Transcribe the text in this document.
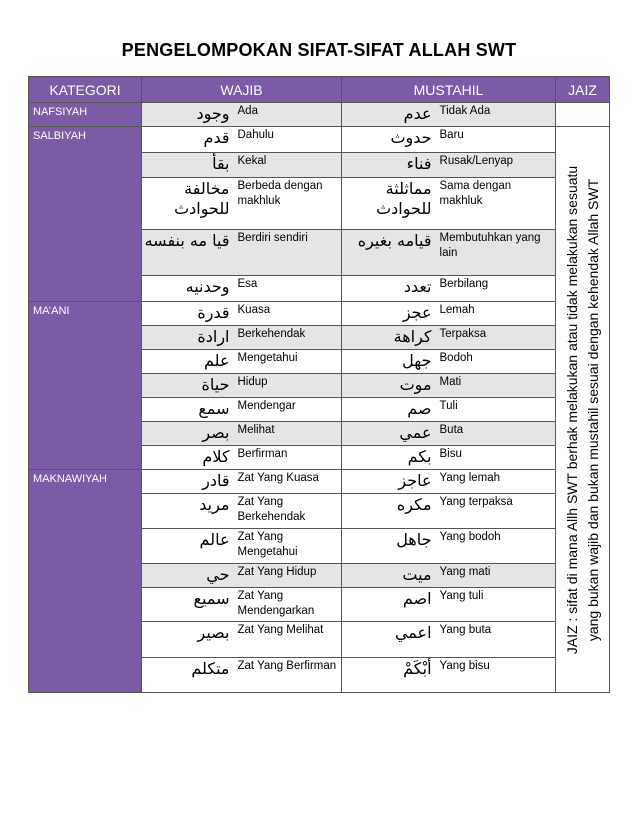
PENGELOMPOKAN SIFAT-SIFAT ALLAH SWT
KATEGORI	WAJIB		MUSTAHIL		JAIZ
NAFSIYAH	وجود	Ada	عدم	Tidak Ada	
SALBIYAH	قدم	Dahulu	حدوث	Baru	JAIZ : sifat di mana Allh SWT berhak melakukan atau tidak melakukan sesuatu yang bukan wajib dan bukan mustahil sesuai dengan kehendak Allah SWT

	بقأ	Kekal	فناء	Rusak/Lenyap	
	مخالفة للحوادث	Berbeda dengan makhluk	مماثلثة للحوادث	Sama dengan makhluk	
	قيا مه بنفسه	Berdiri sendiri	قيامه بغيره	Membutuhkan yang lain	
	وحدنيه	Esa	تعدد	Berbilang	
MA’ANI	قدرة	Kuasa	عجز	Lemah	
	ارادة	Berkehendak	كراهة	Terpaksa	
	علم	Mengetahui	جهل	Bodoh	
	حياة	Hidup	موت	Mati	
	سمع	Mendengar	صم	Tuli	
	بصر	Melihat	عمي	Buta	
	كلام	Berfirman	بكم	Bisu	
MAKNAWIYAH	قادر	Zat Yang Kuasa	عاجز	Yang lemah	
	مريد	Zat Yang Berkehendak	مكره	Yang terpaksa	
	عالم	Zat Yang Mengetahui	جاهل	Yang bodoh	
	حي	Zat Yang Hidup	ميت	Yang mati	
	سميع	Zat Yang Mendengarkan	اصم	Yang tuli	
	بصير	Zat Yang Melihat	اعمي	Yang buta	
	متكلم	Zat Yang Berfirman	أبْكَمْ	Yang bisu	
